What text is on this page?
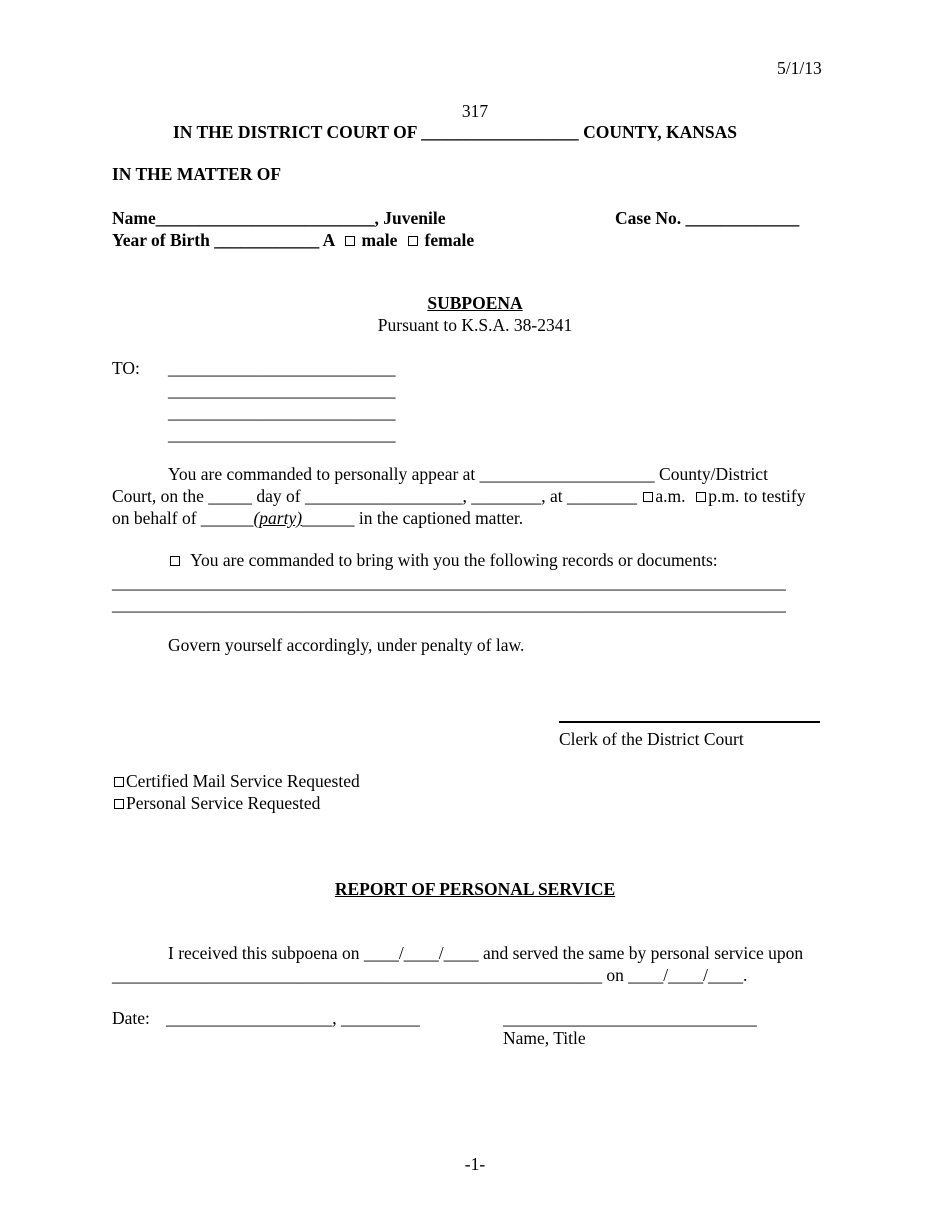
5/1/13
317
IN THE DISTRICT COURT OF __________________ COUNTY, KANSAS
IN THE MATTER OF
Name_________________________, Juvenile	Case No. _____________
Year of Birth ____________ A male female
SUBPOENA
Pursuant to K.S.A. 38-2341
TO: __________________________
__________________________
__________________________
__________________________
You are commanded to personally appear at ____________________ County/District
Court, on the _____ day of __________________, ________, at ________ a.m. p.m. to testify
on behalf of ______(party)______ in the captioned matter.
You are commanded to bring with you the following records or documents:
_____________________________________________________________________________
_____________________________________________________________________________
Govern yourself accordingly, under penalty of law.
Clerk of the District Court
Certified Mail Service Requested
Personal Service Requested
REPORT OF PERSONAL SERVICE
I received this subpoena on ____/____/____ and served the same by personal service upon
________________________________________________________ on ____/____/____.
Date: ___________________, _________	_____________________________
Name, Title
-1-
